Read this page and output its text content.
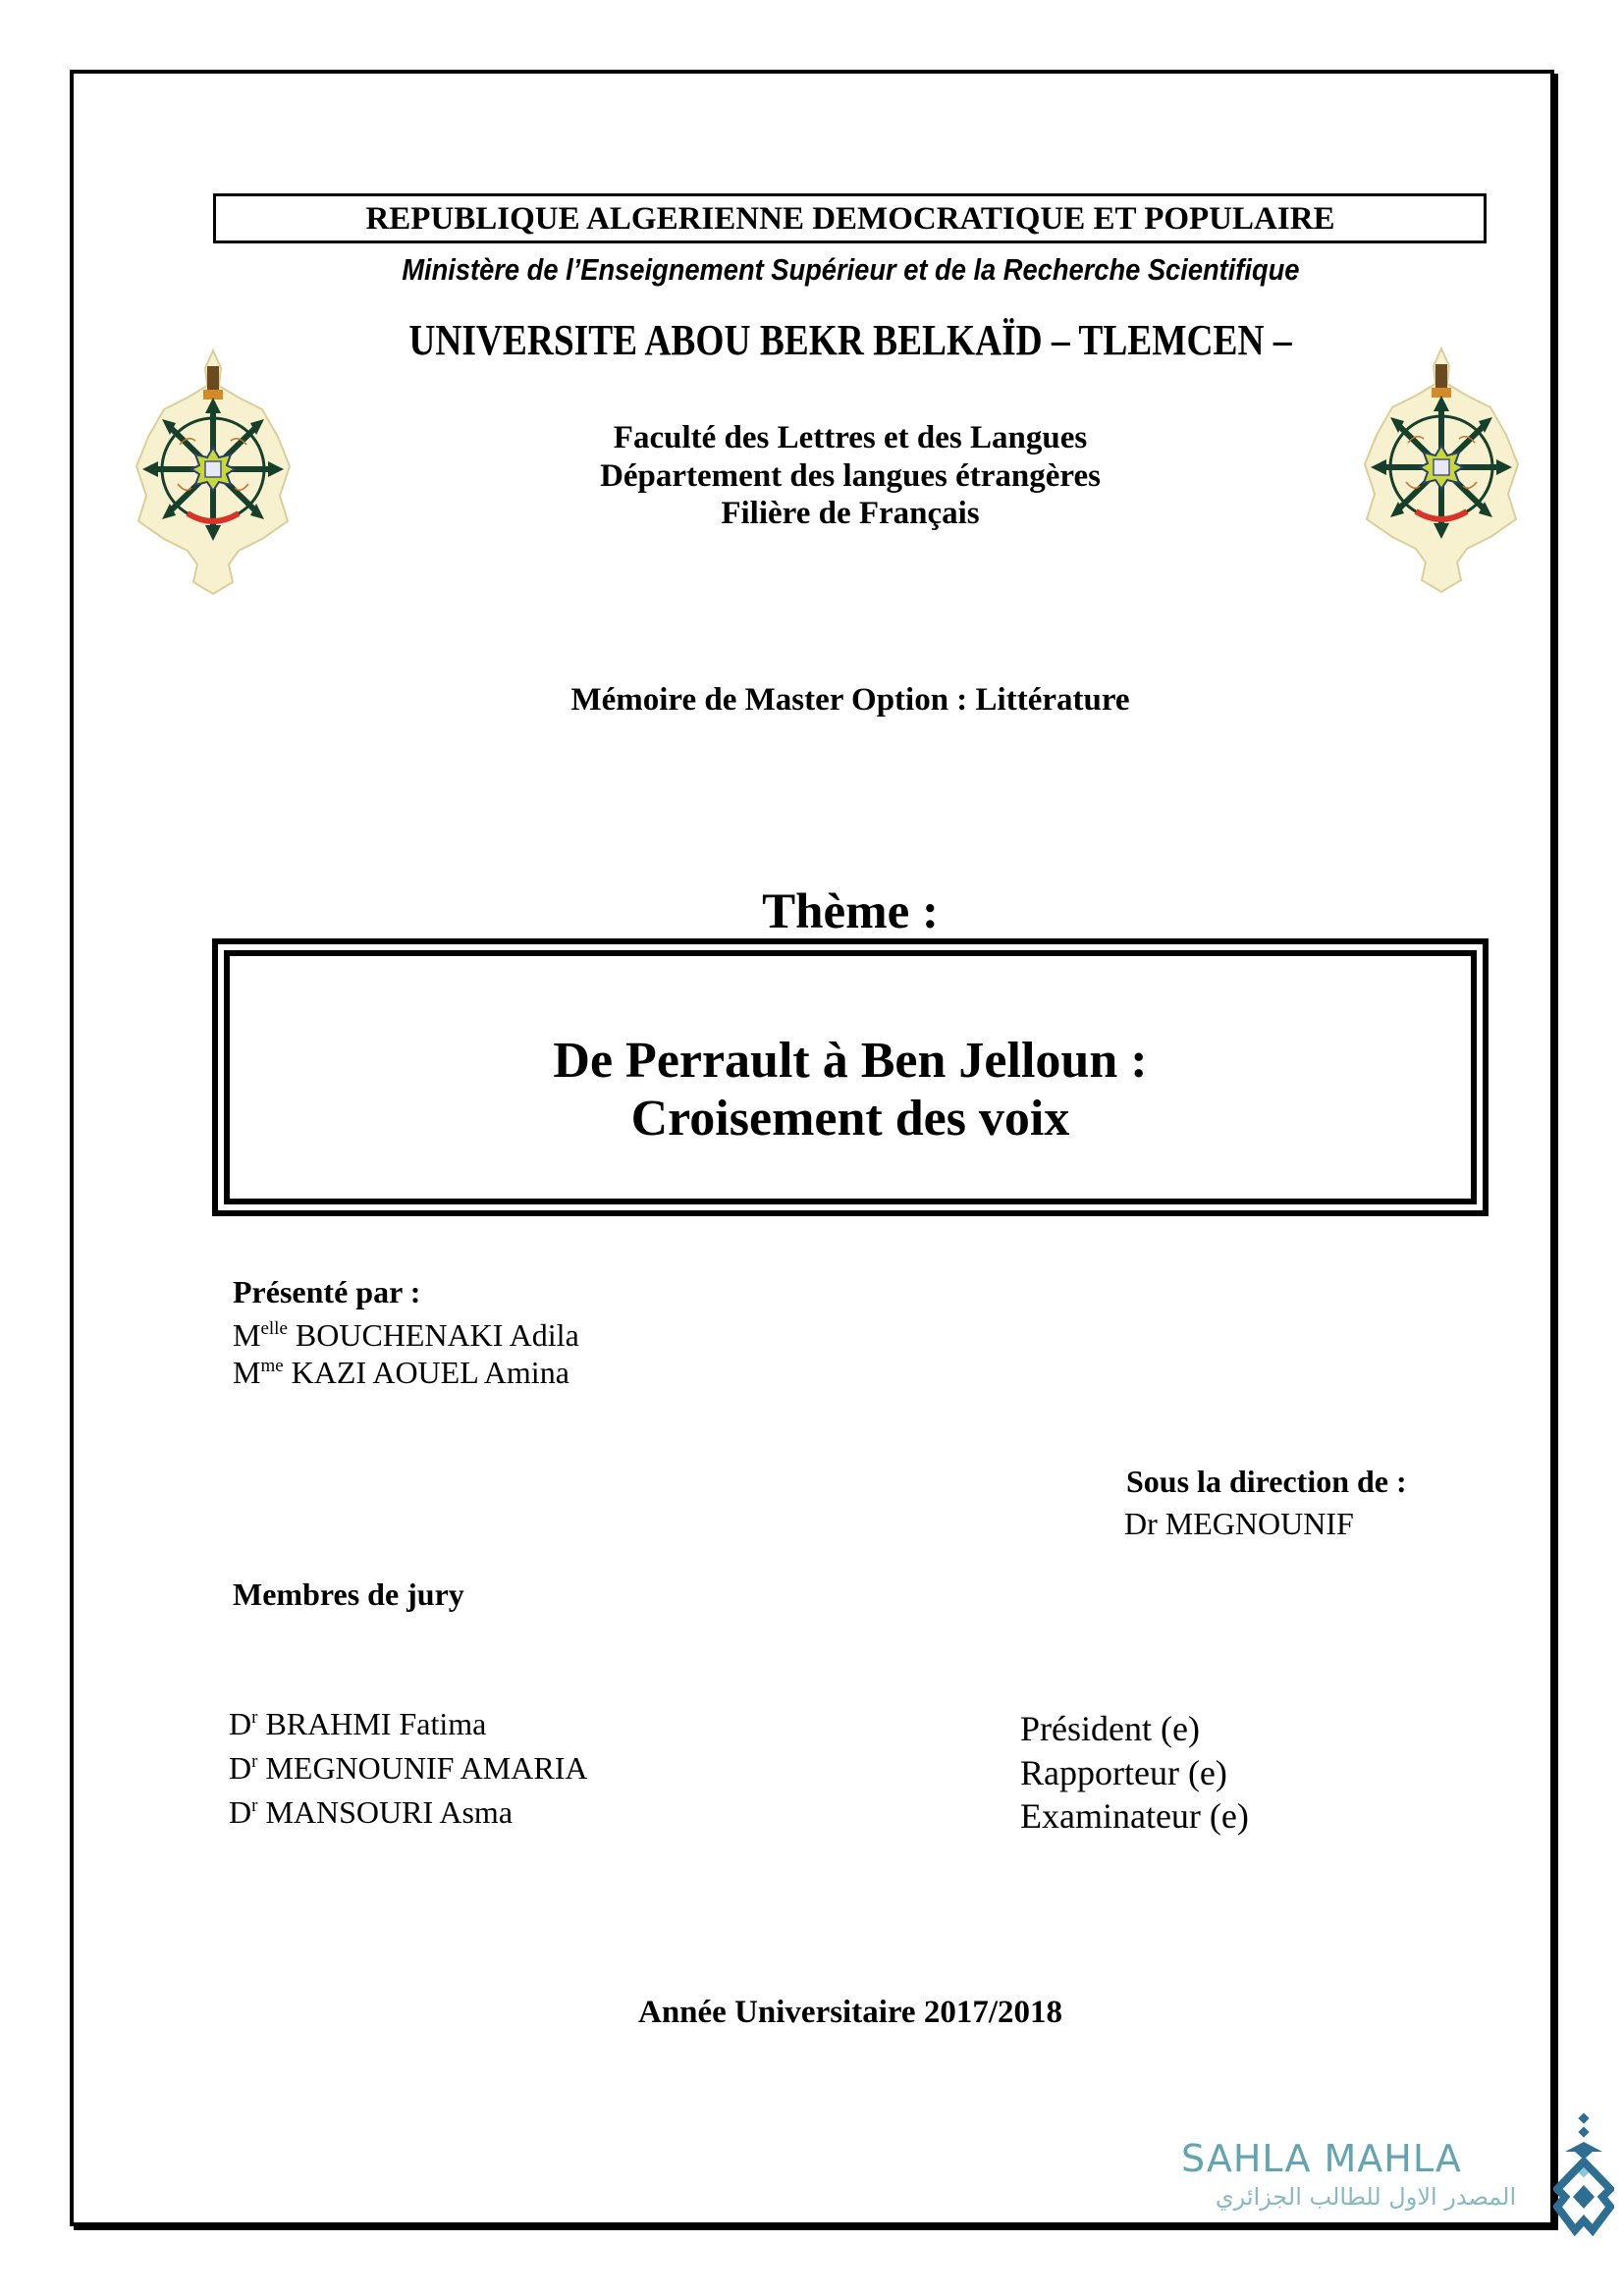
REPUBLIQUE ALGERIENNE DEMOCRATIQUE ET POPULAIRE
Ministère de l’Enseignement Supérieur et de la Recherche Scientifique
UNIVERSITE ABOU BEKR BELKAÏD – TLEMCEN –
Faculté des Lettres et des Langues
Département des langues étrangères
Filière de Français
Mémoire de Master Option : Littérature
Thème :
De Perrault à Ben Jelloun :
Croisement des voix
Présenté par :
$M^{elle}$ BOUCHENAKI Adila
$M^{me}$ KAZI AOUEL Amina
Sous la direction de :
Dr MEGNOUNIF
Membres de jury
$D^r$ BRAHMI Fatima
$D^r$ MEGNOUNIF AMARIA
$D^r$ MANSOURI Asma
Président (e)
Rapporteur (e)
Examinateur (e)
Année Universitaire 2017/2018
SAHLA MAHLA
المصدر الاول للطالب الجزائري
